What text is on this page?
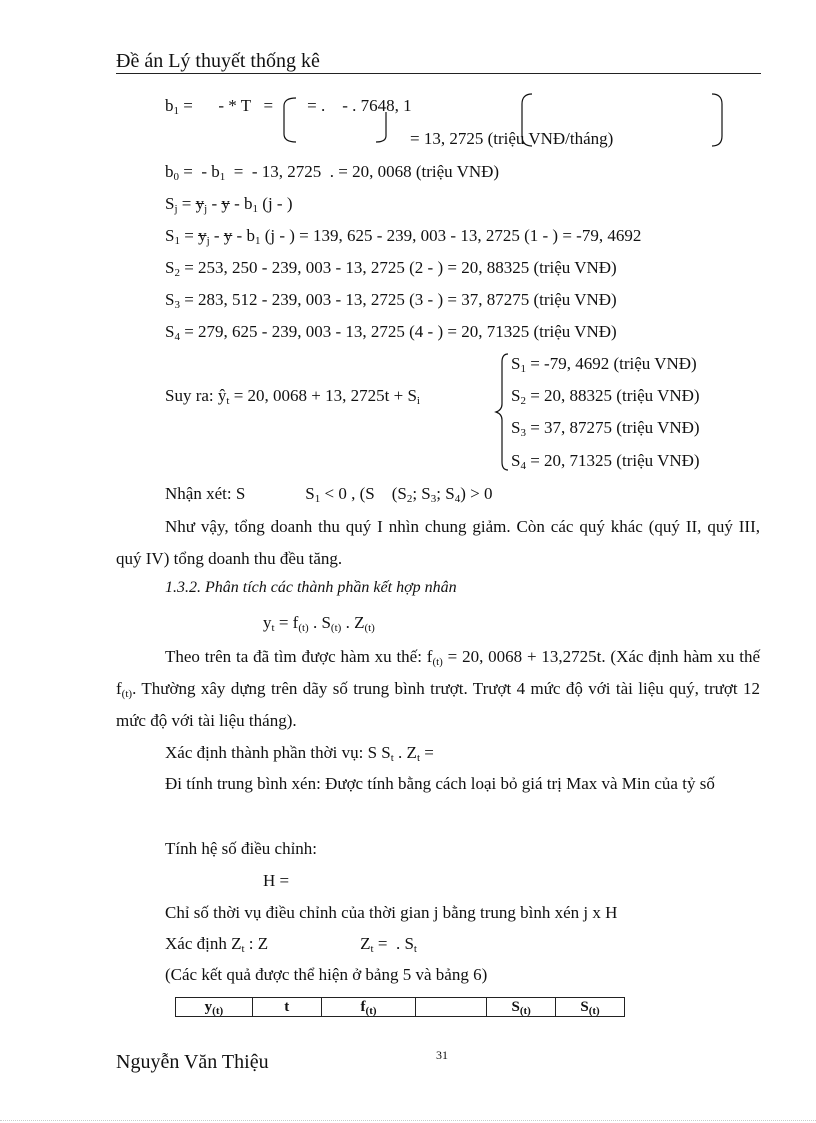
Đề án Lý thuyết thống kê
$b_1$ =      - * T   =        = .    - . 7648, 1
= 13, 2725 (triệu VNĐ/tháng)
$b_0$ =  - $b_1$  =  - 13, 2725  . = 20, 0068 (triệu VNĐ)
$S_j = y_j - y - b_1$ (j - )
$S_1 = y_j - y - b_1$ (j - ) = 139, 625 - 239, 003 - 13, 2725 (1 - ) = -79, 4692
$S_2 = 253$, 250 - 239, 003 - 13, 2725 (2 - ) = 20, 88325 (triệu VNĐ)
$S_3 = 283$, 512 - 239, 003 - 13, 2725 (3 - ) = 37, 87275 (triệu VNĐ)
$S_4 = 279$, 625 - 239, 003 - 13, 2725 (4 - ) = 20, 71325 (triệu VNĐ)
Suy ra: $ŷ_t = 20$, 0068 + 13, $2725t + S_i$
$S_1 = -79$, 4692 (triệu VNĐ)
$S_2 = 20$, 88325 (triệu VNĐ)
$S_3 = 37$, 87275 (triệu VNĐ)
$S_4 = 20$, 71325 (triệu VNĐ)
Nhận xét: S	$S_1 < 0$ , (S    ($S_2$; $S_3$; $S_4) > 0$
Như vậy, tổng doanh thu quý I nhìn chung giảm. Còn các quý khác (quý II, quý III, quý IV) tổng doanh thu đều tăng.
1.3.2. Phân tích các thành phần kết hợp nhân
$y_t = f_{(t)}$ . $S_{(t)}$ . $Z_{(t)}$
Theo trên ta đã tìm được hàm xu thế: $f_{(t)} = 20$, 0068 + 13,2725t. (Xác định hàm xu thế $f_{(t)}$. Thường xây dựng trên dãy số trung bình trượt. Trượt 4 mức độ với tài liệu quý, trượt 12 mức độ với tài liệu tháng).
Xác định thành phần thời vụ: S $S_t$ . $Z_t$ =
Đi tính trung bình xén: Được tính bằng cách loại bỏ giá trị Max và Min của tỷ số
Tính hệ số điều chỉnh:
H =
Chỉ số thời vụ điều chỉnh của thời gian j bằng trung bình xén j x H
Xác định $Z_t$ : Z	$Z_t$ =  . $S_t$
(Các kết quả được thể hiện ở bảng 5 và bảng 6)
$y_{(t)}$	t	$f_{(t)}$		$S_{(t)}$	$S_{(t)}$
31
Nguyễn Văn Thiệu
